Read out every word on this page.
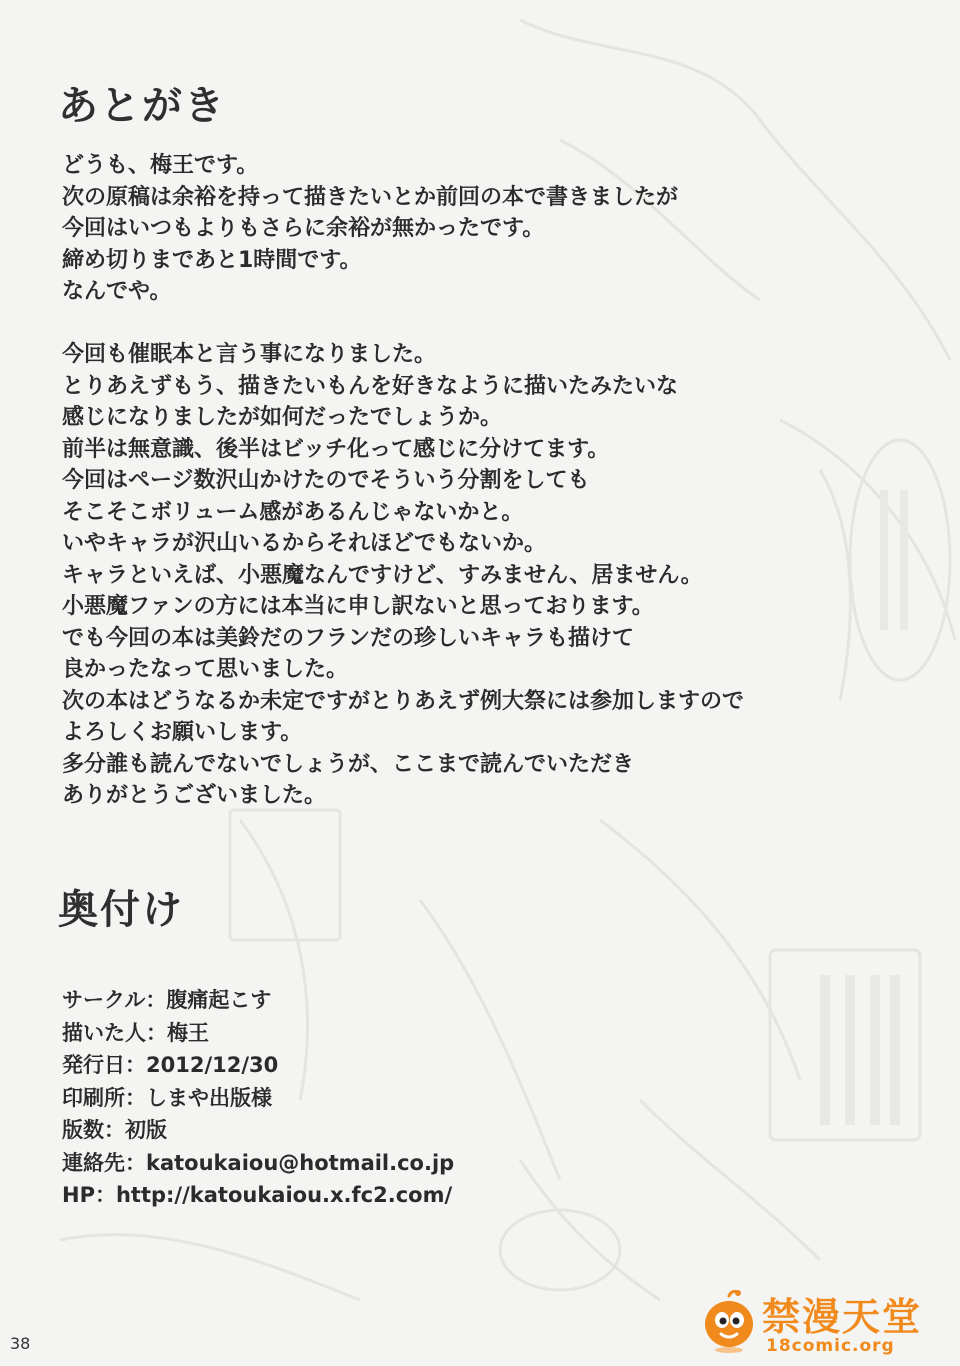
あとがき
どうも、梅王です。
次の原稿は余裕を持って描きたいとか前回の本で書きましたが
今回はいつもよりもさらに余裕が無かったです。
締め切りまであと1時間です。
なんでや。
今回も催眠本と言う事になりました。
とりあえずもう、描きたいもんを好きなように描いたみたいな
感じになりましたが如何だったでしょうか。
前半は無意識、後半はビッチ化って感じに分けてます。
今回はページ数沢山かけたのでそういう分割をしても
そこそこボリューム感があるんじゃないかと。
いやキャラが沢山いるからそれほどでもないか。
キャラといえば、小悪魔なんですけど、すみません、居ません。
小悪魔ファンの方には本当に申し訳ないと思っております。
でも今回の本は美鈴だのフランだの珍しいキャラも描けて
良かったなって思いました。
次の本はどうなるか未定ですがとりあえず例大祭には参加しますので
よろしくお願いします。
多分誰も読んでないでしょうが、ここまで読んでいただき
ありがとうございました。
奥付け
サークル：腹痛起こす
描いた人：梅王
発行日：2012/12/30
印刷所：しまや出版様
版数：初版
連絡先：katoukaiou@hotmail.co.jp
HP：http://katoukaiou.x.fc2.com/
38
禁漫天堂
18comic.org
